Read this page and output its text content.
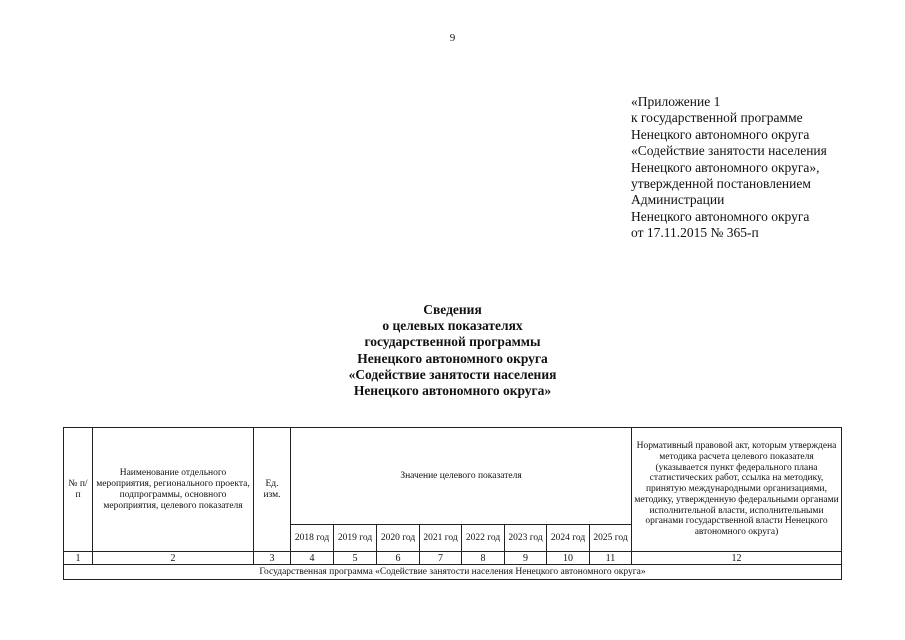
9
«Приложение 1
к государственной программе
Ненецкого автономного округа
«Содействие занятости населения
Ненецкого автономного округа»,
утвержденной постановлением
Администрации
Ненецкого автономного округа
от 17.11.2015 № 365-п
Сведения
о целевых показателях
государственной программы
Ненецкого автономного округа
«Содействие занятости населения
Ненецкого автономного округа»
№ п/п	Наименование отдельного мероприятия, регионального проекта, подпрограммы, основного мероприятия, целевого показателя	Ед. изм.	Значение целевого показателя								Нормативный правовой акт, которым утверждена методика расчета целевого показателя (указывается пункт федерального плана статистических работ, ссылка на методику, принятую международными организациями, методику, утвержденную федеральными органами исполнительной власти, исполнительными органами государственной власти Ненецкого автономного округа)
			2018 год	2019 год	2020 год	2021 год	2022 год	2023 год	2024 год	2025 год	
1	2	3	4	5	6	7	8	9	10	11	12
Государственная программа «Содействие занятости населения Ненецкого автономного округа»											
